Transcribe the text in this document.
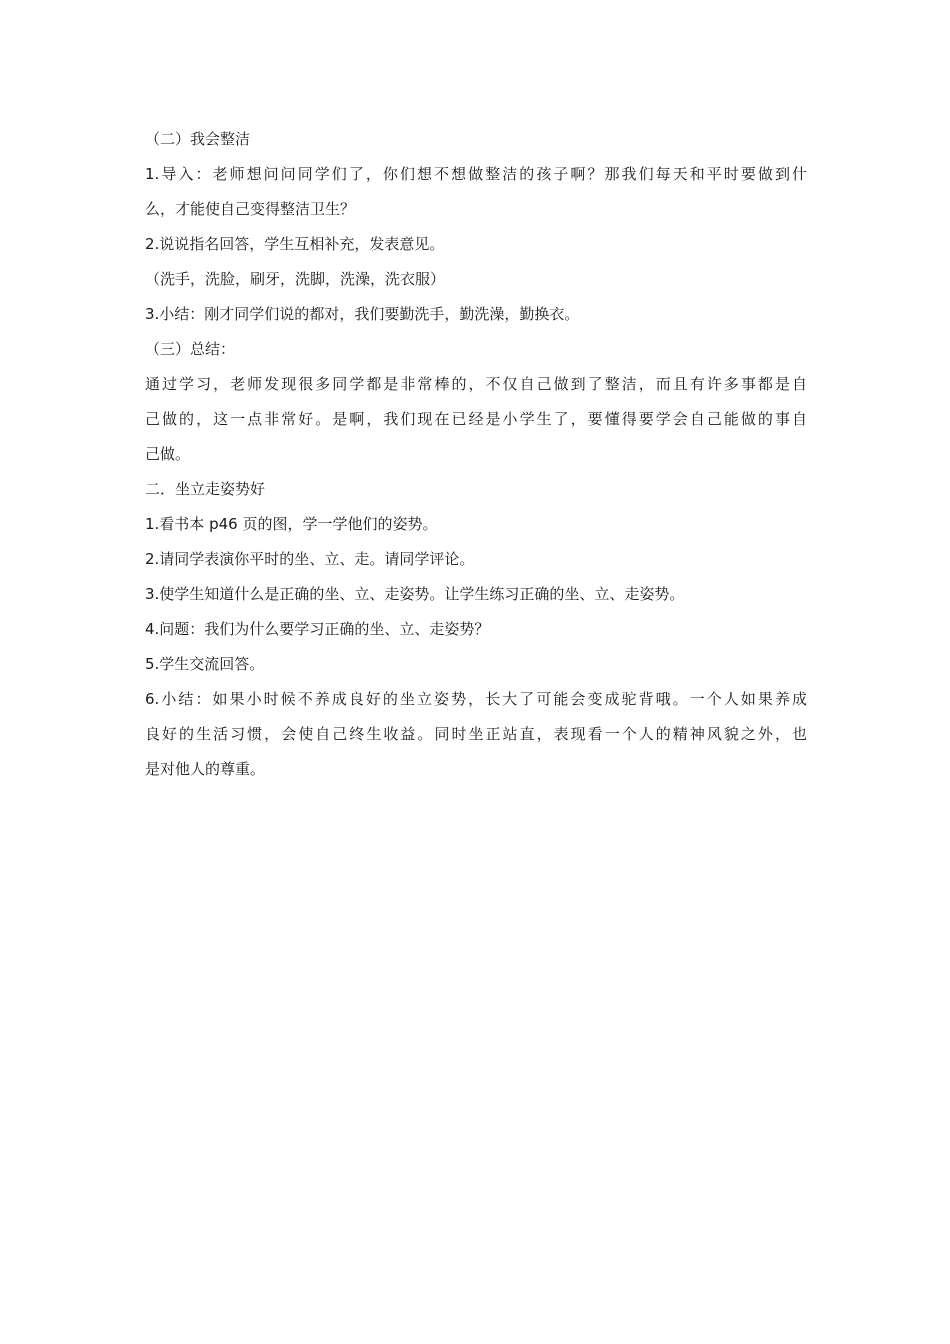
（二）我会整洁
1.导入：老师想问问同学们了，你们想不想做整洁的孩子啊？那我们每天和平时要做到什
么，才能使自己变得整洁卫生？
2.说说指名回答，学生互相补充，发表意见。
（洗手，洗脸，刷牙，洗脚，洗澡，洗衣服）
3.小结：刚才同学们说的都对，我们要勤洗手，勤洗澡，勤换衣。
（三）总结：
通过学习，老师发现很多同学都是非常棒的，不仅自己做到了整洁，而且有许多事都是自
己做的，这一点非常好。是啊，我们现在已经是小学生了，要懂得要学会自己能做的事自
己做。
二．坐立走姿势好
1.看书本 p46 页的图，学一学他们的姿势。
2.请同学表演你平时的坐、立、走。请同学评论。
3.使学生知道什么是正确的坐、立、走姿势。让学生练习正确的坐、立、走姿势。
4.问题：我们为什么要学习正确的坐、立、走姿势？
5.学生交流回答。
6.小结：如果小时候不养成良好的坐立姿势，长大了可能会变成驼背哦。一个人如果养成
良好的生活习惯，会使自己终生收益。同时坐正站直，表现看一个人的精神风貌之外，也
是对他人的尊重。
